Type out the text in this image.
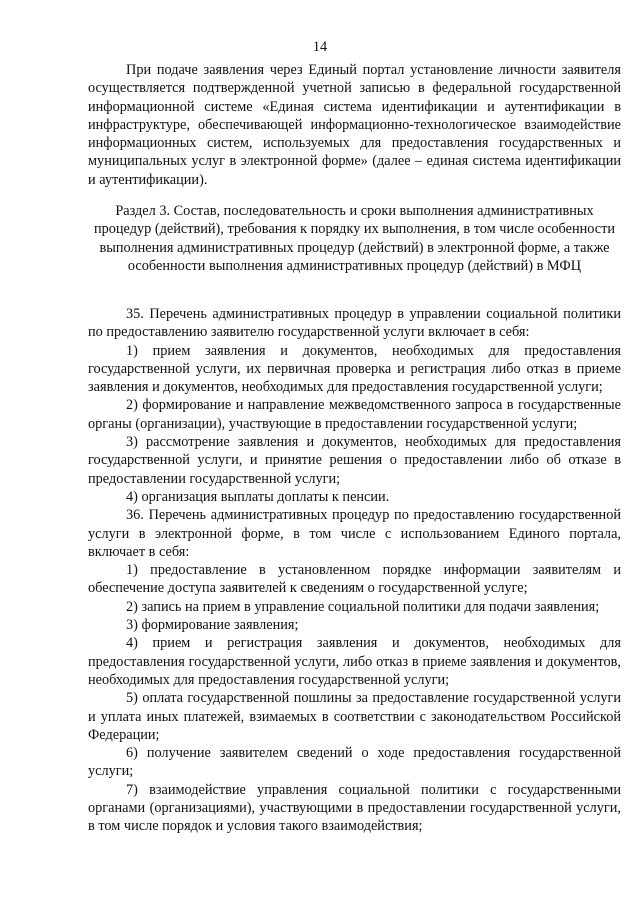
14

При подаче заявления через Единый портал установление личности заявителя осуществляется подтвержденной учетной записью в федеральной государственной информационной системе «Единая система идентификации и аутентификации в инфраструктуре, обеспечивающей информационно-технологическое взаимодействие информационных систем, используемых для предоставления государственных и муниципальных услуг в электронной форме» (далее – единая система идентификации и аутентификации).

Раздел 3. Состав, последовательность и сроки выполнения административных процедур (действий), требования к порядку их выполнения, в том числе особенности выполнения административных процедур (действий) в электронной форме, а также особенности выполнения административных процедур (действий) в МФЦ

35. Перечень административных процедур в управлении социальной политики по предоставлению заявителю государственной услуги включает в себя:

1) прием заявления и документов, необходимых для предоставления государственной услуги, их первичная проверка и регистрация либо отказ в приеме заявления и документов, необходимых для предоставления государственной услуги;

2) формирование и направление межведомственного запроса в государственные органы (организации), участвующие в предоставлении государственной услуги;

3) рассмотрение заявления и документов, необходимых для предоставления государственной услуги, и принятие решения о предоставлении либо об отказе в предоставлении государственной услуги;

4) организация выплаты доплаты к пенсии.

36. Перечень административных процедур по предоставлению государственной услуги в электронной форме, в том числе с использованием Единого портала, включает в себя:

1) предоставление в установленном порядке информации заявителям и обеспечение доступа заявителей к сведениям о государственной услуге;

2) запись на прием в управление социальной политики для подачи заявления;

3) формирование заявления;

4) прием и регистрация заявления и документов, необходимых для предоставления государственной услуги, либо отказ в приеме заявления и документов, необходимых для предоставления государственной услуги;

5) оплата государственной пошлины за предоставление государственной услуги и уплата иных платежей, взимаемых в соответствии с законодательством Российской Федерации;

6) получение заявителем сведений о ходе предоставления государственной услуги;

7) взаимодействие управления социальной политики с государственными органами (организациями), участвующими в предоставлении государственной услуги, в том числе порядок и условия такого взаимодействия;
